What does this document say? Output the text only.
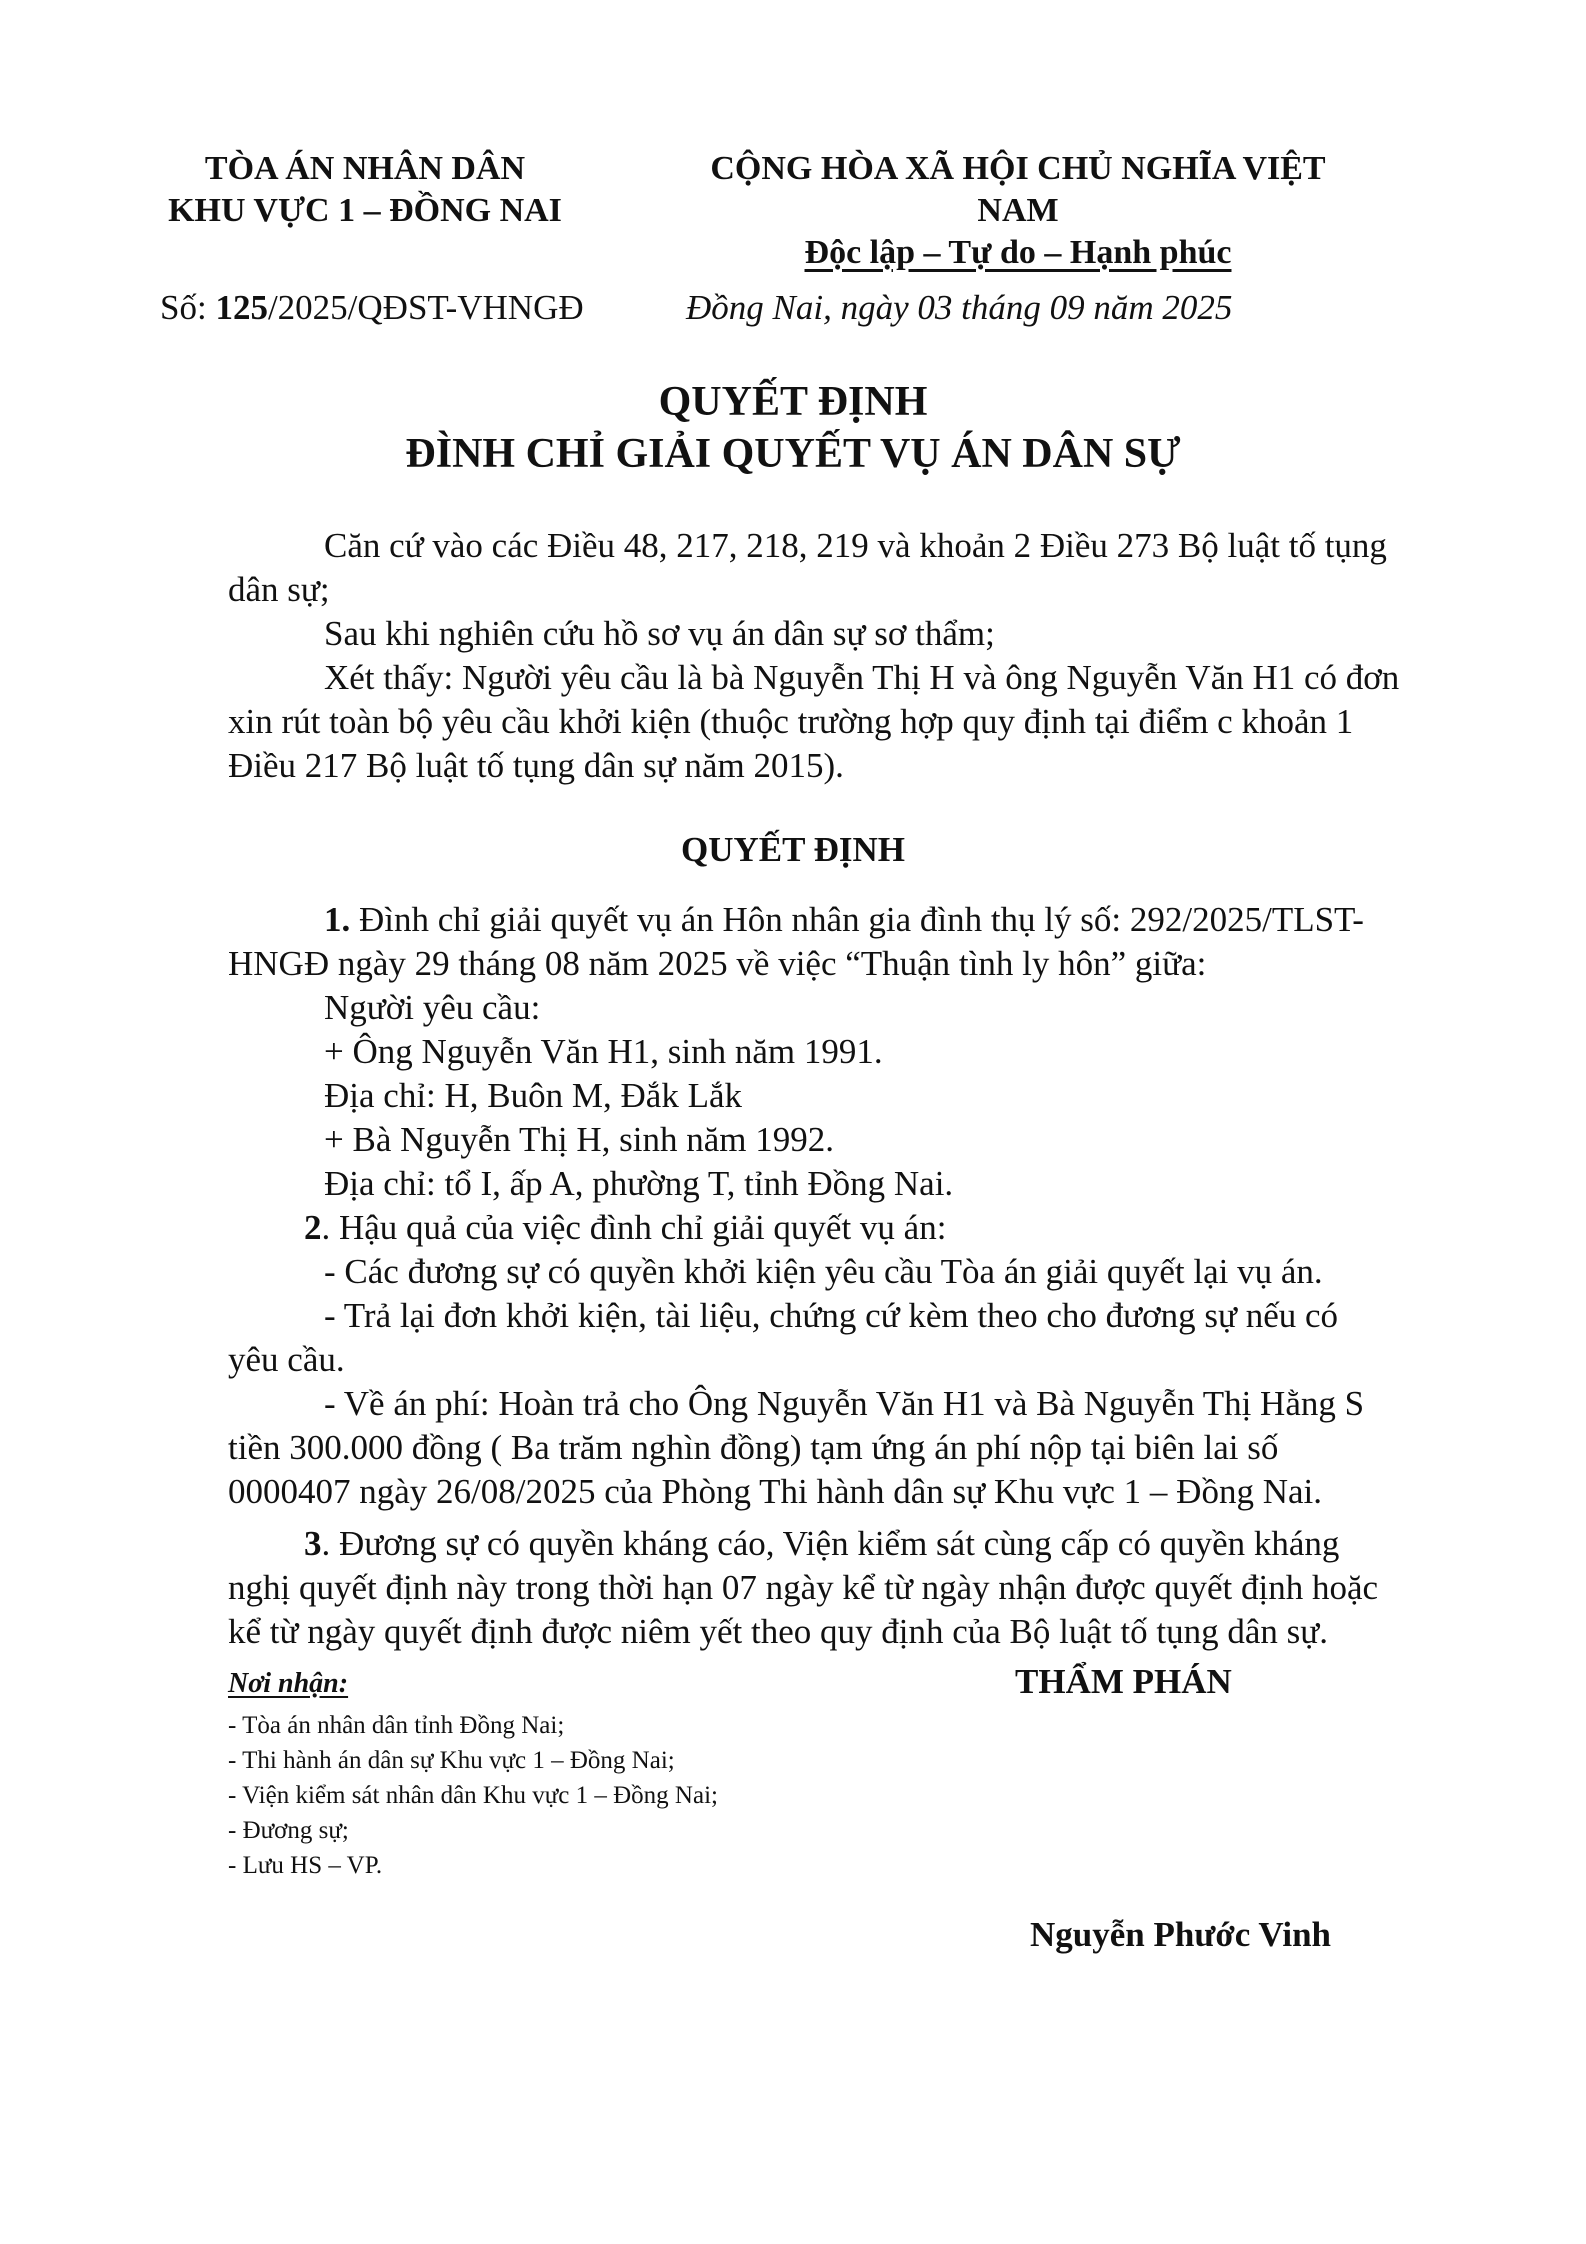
TÒA ÁN NHÂN DÂN
KHU VỰC 1 – ĐỒNG NAI
CỘNG HÒA XÃ HỘI CHỦ NGHĨA VIỆT NAM
Độc lập – Tự do – Hạnh phúc
Số: 125/2025/QĐST-VHNGĐ	Đồng Nai, ngày 03 tháng 09 năm 2025
QUYẾT ĐỊNH
ĐÌNH CHỈ GIẢI QUYẾT VỤ ÁN DÂN SỰ
Căn cứ vào các Điều 48, 217, 218, 219 và khoản 2 Điều 273 Bộ luật tố tụng
dân sự;
Sau khi nghiên cứu hồ sơ vụ án dân sự sơ thẩm;
Xét thấy: Người yêu cầu là bà Nguyễn Thị H và ông Nguyễn Văn H1 có đơn
xin rút toàn bộ yêu cầu khởi kiện (thuộc trường hợp quy định tại điểm c khoản 1
Điều 217 Bộ luật tố tụng dân sự năm 2015).
QUYẾT ĐỊNH
1. Đình chỉ giải quyết vụ án Hôn nhân gia đình thụ lý số: 292/2025/TLST-
HNGĐ ngày 29 tháng 08 năm 2025 về việc “Thuận tình ly hôn” giữa:
Người yêu cầu:
+ Ông Nguyễn Văn H1, sinh năm 1991.
Địa chỉ: H, Buôn M, Đắk Lắk
+ Bà Nguyễn Thị H, sinh năm 1992.
Địa chỉ: tổ I, ấp A, phường T, tỉnh Đồng Nai.
2. Hậu quả của việc đình chỉ giải quyết vụ án:
- Các đương sự có quyền khởi kiện yêu cầu Tòa án giải quyết lại vụ án.
- Trả lại đơn khởi kiện, tài liệu, chứng cứ kèm theo cho đương sự nếu có
yêu cầu.
- Về án phí: Hoàn trả cho Ông Nguyễn Văn H1 và Bà Nguyễn Thị Hằng S
tiền 300.000 đồng ( Ba trăm nghìn đồng) tạm ứng án phí nộp tại biên lai số
0000407 ngày 26/08/2025 của Phòng Thi hành dân sự Khu vực 1 – Đồng Nai.
3. Đương sự có quyền kháng cáo, Viện kiểm sát cùng cấp có quyền kháng
nghị quyết định này trong thời hạn 07 ngày kể từ ngày nhận được quyết định hoặc
kể từ ngày quyết định được niêm yết theo quy định của Bộ luật tố tụng dân sự.
Nơi nhận:
- Tòa án nhân dân tỉnh Đồng Nai;
- Thi hành án dân sự Khu vực 1 – Đồng Nai;
- Viện kiểm sát nhân dân Khu vực 1 – Đồng Nai;
- Đương sự;
- Lưu HS – VP.
THẨM PHÁN
Nguyễn Phước Vinh
